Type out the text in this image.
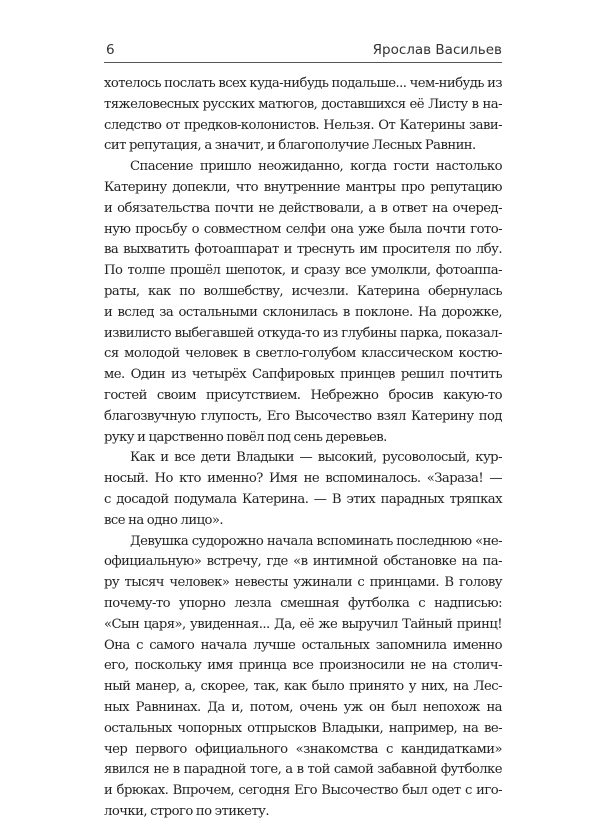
6	Ярослав Васильев

хотелось послать всех куда-нибудь подальше... чем-нибудь из
тяжеловесных русских матюгов, доставшихся её Листу в на-
следство от предков-колонистов. Нельзя. От Катерины зави-
сит репутация, а значит, и благополучие Лесных Равнин.

Спасение пришло неожиданно, когда гости настолько
Катерину допекли, что внутренние мантры про репутацию
и обязательства почти не действовали, а в ответ на очеред-
ную просьбу о совместном селфи она уже была почти гото-
ва выхватить фотоаппарат и треснуть им просителя по лбу.
По толпе прошёл шепоток, и сразу все умолкли, фотоаппа-
раты, как по волшебству, исчезли. Катерина обернулась
и вслед за остальными склонилась в поклоне. На дорожке,
извилисто выбегавшей откуда-то из глубины парка, показал-
ся молодой человек в светло-голубом классическом костю-
ме. Один из четырёх Сапфировых принцев решил почтить
гостей своим присутствием. Небрежно бросив какую-то
благозвучную глупость, Его Высочество взял Катерину под
руку и царственно повёл под сень деревьев.

Как и все дети Владыки — высокий, русоволосый, кур-
носый. Но кто именно? Имя не вспоминалось. «Зараза! —
с досадой подумала Катерина. — В этих парадных тряпках
все на одно лицо».

Девушка судорожно начала вспоминать последнюю «не-
официальную» встречу, где «в интимной обстановке на па-
ру тысяч человек» невесты ужинали с принцами. В голову
почему-то упорно лезла смешная футболка с надписью:
«Сын царя», увиденная... Да, её же выручил Тайный принц!
Она с самого начала лучше остальных запомнила именно
его, поскольку имя принца все произносили не на столич-
ный манер, а, скорее, так, как было принято у них, на Лес-
ных Равнинах. Да и, потом, очень уж он был непохож на
остальных чопорных отпрысков Владыки, например, на ве-
чер первого официального «знакомства с кандидатками»
явился не в парадной тоге, а в той самой забавной футболке
и брюках. Впрочем, сегодня Его Высочество был одет с иго-
лочки, строго по этикету.
